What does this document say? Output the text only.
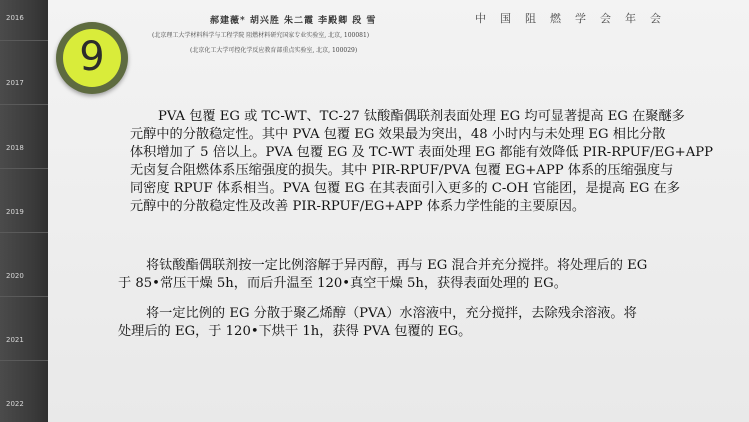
2016
2017
2018
2019
2020
2021
2022
9
郝建薇* 胡兴胜 朱二霞 李殿卿 段 雪
(北京理工大学材料科学与工程学院 阻燃材料研究国家专业实验室, 北京, 100081)
(北京化工大学可控化学反应教育部重点实验室, 北京, 100029)
中国阻燃学会年会
PVA 包覆 EG 或 TC-WT、TC-27 钛酸酯偶联剂表面处理 EG 均可显著提高 EG 在聚醚多
元醇中的分散稳定性。其中 PVA 包覆 EG 效果最为突出，48 小时内与未处理 EG 相比分散
体积增加了 5 倍以上。PVA 包覆 EG 及 TC-WT 表面处理 EG 都能有效降低 PIR-RPUF/EG+APP
无卤复合阻燃体系压缩强度的损失。其中 PIR-RPUF/PVA 包覆 EG+APP 体系的压缩强度与
同密度 RPUF 体系相当。PVA 包覆 EG 在其表面引入更多的 C-OH 官能团，是提高 EG 在多
元醇中的分散稳定性及改善 PIR-RPUF/EG+APP 体系力学性能的主要原因。
将钛酸酯偶联剂按一定比例溶解于异丙醇，再与 EG 混合并充分搅拌。将处理后的 EG
于 85•常压干燥 5h，而后升温至 120•真空干燥 5h，获得表面处理的 EG。
将一定比例的 EG 分散于聚乙烯醇（PVA）水溶液中，充分搅拌，去除残余溶液。将
处理后的 EG，于 120•下烘干 1h，获得 PVA 包覆的 EG。
